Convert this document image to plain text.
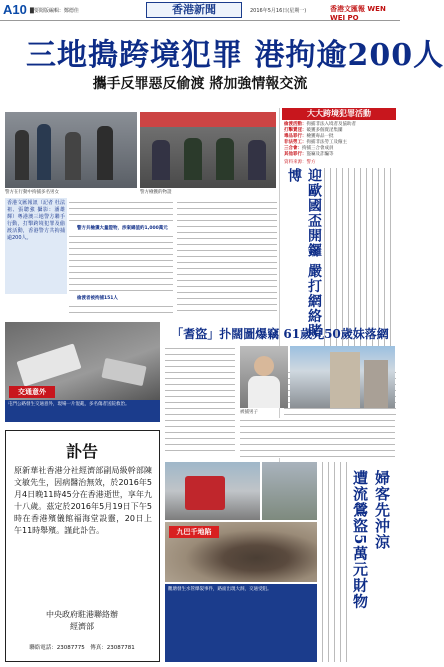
A10 █要聞版編輯：鄭德佳	香港新聞	2016年5月16日(星期一)	香港文匯報 WEN WEI PO
三地搗跨境犯罪 港拘逾200人
攜手反罪惡反偷渡 將加強情報交流
警方在行動中拘捕多名男女	警方檢獲的物證
大大跨境犯罪活動
偷渡活動：拘捕非法入境者及協助者
打擊賣淫：破獲多個賣淫集團
毒品罪行：檢獲毒品一批
非法勞工：拘捕非法勞工及僱主
三合會：拘捕三合會成員
其他罪行：盜竊及詐騙等
資料來源：警方
迎歐國盃開鑼 嚴打網絡賭博
香港文匯報訊（記者 杜法祖、張聰強 攝影：潘雄輝）粵港澳三地警方聯手行動，打擊跨境犯罪及偷渡活動，香港警方共拘捕逾200人。
警方共檢獲大量證物，涉案總值約1,000萬元
偷渡者被拘捕151人
交通意外
屯門公路發生交通意外，現場一片混亂，多名傷者送院救治。
「耆盜」扑闊圖爆竊 61歲兒50歲妹落網
被捕男子
訃告
原新華社香港分社經濟部副局級幹部陳文敏先生，因病醫治無效，於2016年5月4日晚11時45分在香港逝世，享年九十八歲。茲定於2016年5月19日下午5時在香港殯儀館福海堂設靈，20日上午11時舉殯。謹此訃告。
中央政府駐港聯絡辦
經濟部
聯絡電話：23087775　傳真：23087781
九巴千地陷
觀塘發生水管爆裂事件，路面出現大洞，交通受阻。
婦客先沖涼
遭流鶯盜5萬元財物
